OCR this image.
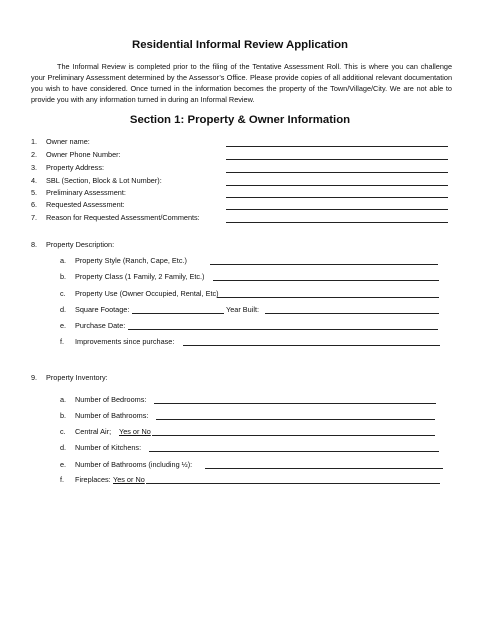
Residential Informal Review Application

The Informal Review is completed prior to the filing of the Tentative Assessment Roll. This is where you can challenge your Preliminary Assessment determined by the Assessor’s Office. Please provide copies of all additional relevant documentation you wish to have considered. Once turned in the information becomes the property of the Town/Village/City. We are not able to provide you with any information turned in during an Informal Review.

Section 1: Property & Owner Information
1. Owner name:
2. Owner Phone Number:
3. Property Address:
4. SBL (Section, Block & Lot Number):
5. Preliminary Assessment:
6. Requested Assessment:
7. Reason for Requested Assessment/Comments:
8. Property Description:
a. Property Style (Ranch, Cape, Etc.)
b. Property Class (1 Family, 2 Family, Etc.)
c. Property Use (Owner Occupied, Rental, Etc)
d. Square Footage:	Year Built:
e. Purchase Date:
f. Improvements since purchase:
9. Property Inventory:
a. Number of Bedrooms:
b. Number of Bathrooms:
c. Central Air; Yes or No
d. Number of Kitchens:
e. Number of Bathrooms (including ½):
f. Fireplaces: Yes or No
